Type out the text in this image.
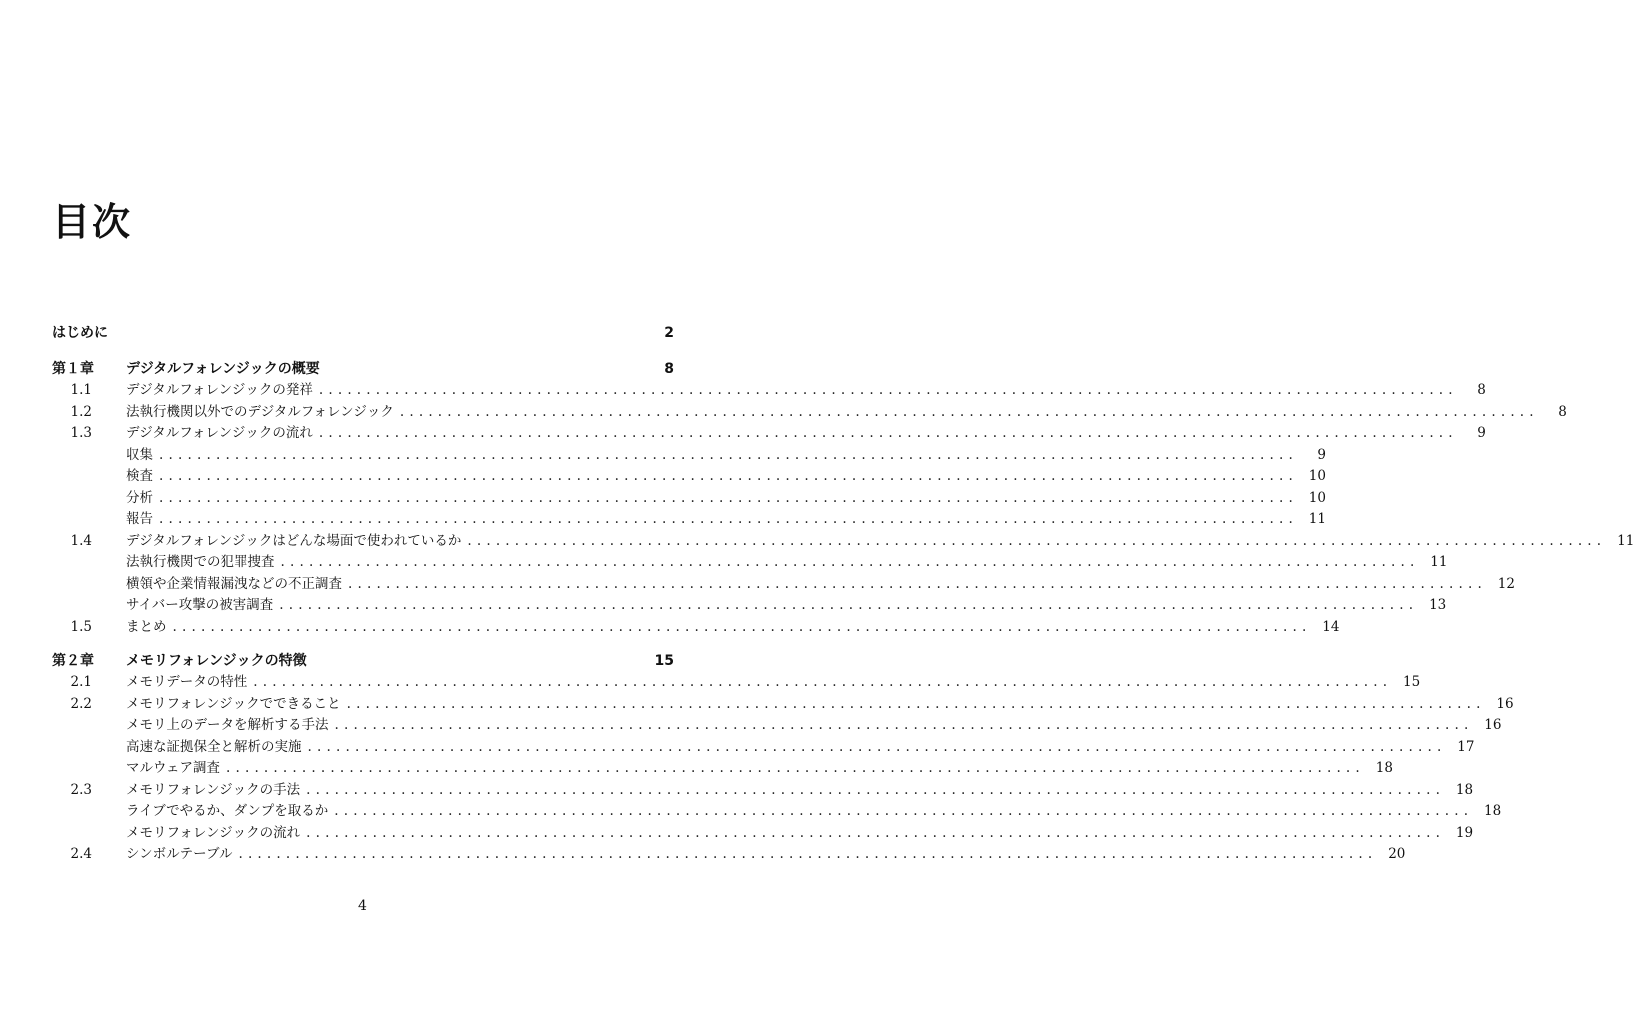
目次
はじめに	2
第１章 デジタルフォレンジックの概要	8
1.1	デジタルフォレンジックの発祥 ........................................................................................................................	8
1.2	法執行機関以外でのデジタルフォレンジック ........................................................................................................................	8
1.3	デジタルフォレンジックの流れ ........................................................................................................................	9
収集 ........................................................................................................................	9
検査 ........................................................................................................................ 10
分析 ........................................................................................................................ 10
報告 ........................................................................................................................ 11
1.4	デジタルフォレンジックはどんな場面で使われているか ........................................................................................................................ 11
法執行機関での犯罪捜査 ........................................................................................................................ 11
横領や企業情報漏洩などの不正調査 ........................................................................................................................ 12
サイバー攻撃の被害調査 ........................................................................................................................ 13
1.5	まとめ ........................................................................................................................ 14
第２章 メモリフォレンジックの特徴	15
2.1	メモリデータの特性 ........................................................................................................................ 15
2.2	メモリフォレンジックでできること ........................................................................................................................ 16
メモリ上のデータを解析する手法 ........................................................................................................................ 16
高速な証拠保全と解析の実施 ........................................................................................................................ 17
マルウェア調査 ........................................................................................................................ 18
2.3	メモリフォレンジックの手法 ........................................................................................................................ 18
ライブでやるか、ダンプを取るか ........................................................................................................................ 18
メモリフォレンジックの流れ ........................................................................................................................ 19
2.4	シンボルテーブル ........................................................................................................................ 20
4
